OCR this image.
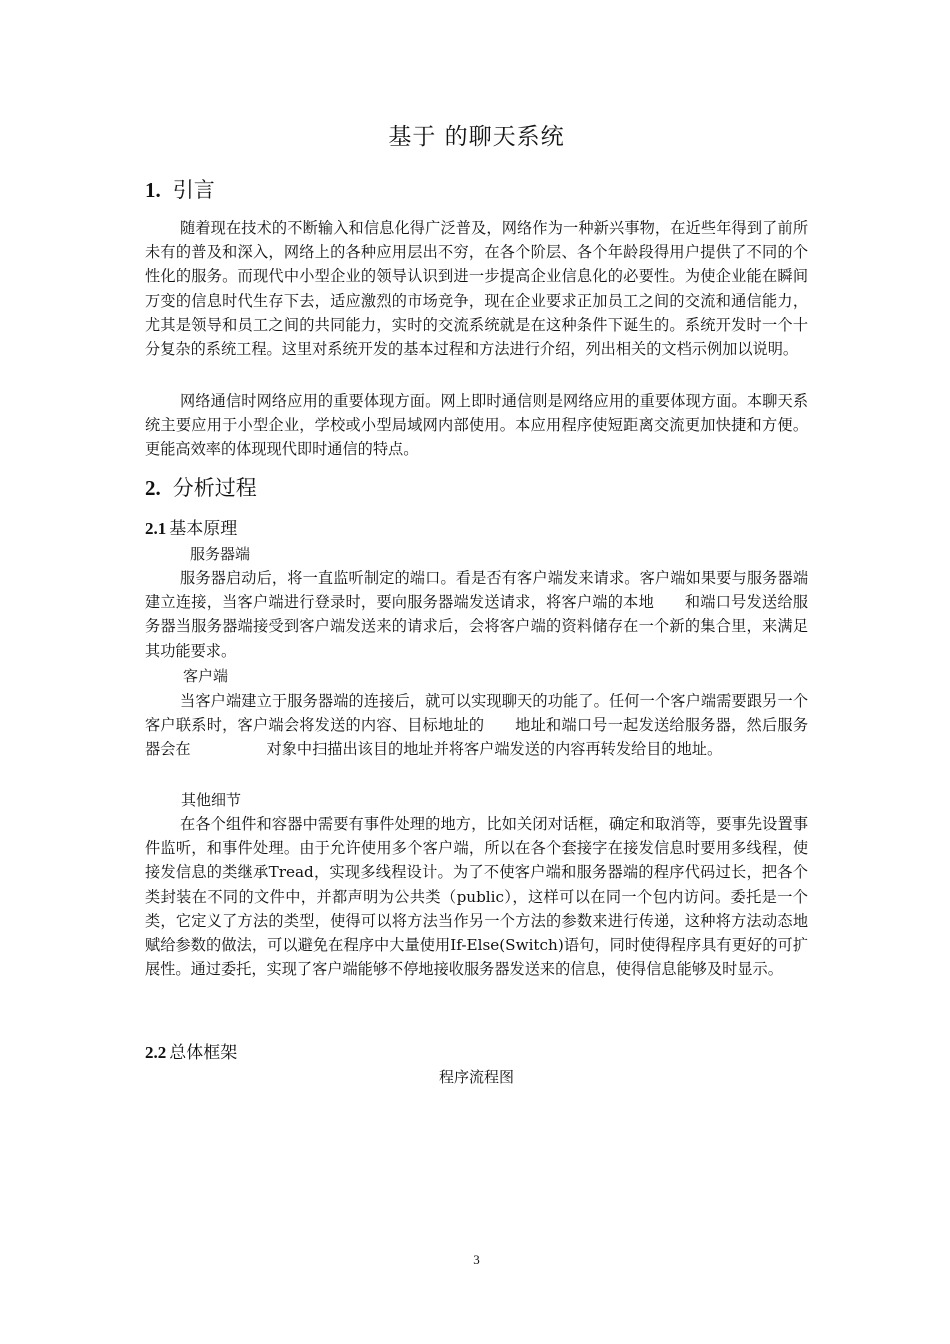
基于 的聊天系统
1. 引言

随着现在技术的不断输入和信息化得广泛普及，网络作为一种新兴事物，在近些年得到了前所未有的普及和深入，网络上的各种应用层出不穷，在各个阶层、各个年龄段得用户提供了不同的个性化的服务。而现代中小型企业的领导认识到进一步提高企业信息化的必要性。为使企业能在瞬间万变的信息时代生存下去，适应激烈的市场竞争，现在企业要求正加员工之间的交流和通信能力，尤其是领导和员工之间的共同能力，实时的交流系统就是在这种条件下诞生的。系统开发时一个十分复杂的系统工程。这里对系统开发的基本过程和方法进行介绍，列出相关的文档示例加以说明。

网络通信时网络应用的重要体现方面。网上即时通信则是网络应用的重要体现方面。本聊天系统主要应用于小型企业，学校或小型局域网内部使用。本应用程序使短距离交流更加快捷和方便。更能高效率的体现现代即时通信的特点。

2. 分析过程
2.1 基本原理
服务器端

服务器启动后，将一直监听制定的端口。看是否有客户端发来请求。客户端如果要与服务器端建立连接，当客户端进行登录时，要向服务器端发送请求，将客户端的本地　　和端口号发送给服务器当服务器端接受到客户端发送来的请求后，会将客户端的资料储存在一个新的集合里，来满足其功能要求。

客户端

当客户端建立于服务器端的连接后，就可以实现聊天的功能了。任何一个客户端需要跟另一个客户联系时，客户端会将发送的内容、目标地址的　　地址和端口号一起发送给服务器，然后服务器会在　　　　　对象中扫描出该目的地址并将客户端发送的内容再转发给目的地址。

其他细节

在各个组件和容器中需要有事件处理的地方，比如关闭对话框，确定和取消等，要事先设置事件监听，和事件处理。由于允许使用多个客户端，所以在各个套接字在接发信息时要用多线程，使接发信息的类继承Tread，实现多线程设计。为了不使客户端和服务器端的程序代码过长，把各个类封装在不同的文件中，并都声明为公共类（public），这样可以在同一个包内访问。委托是一个类，它定义了方法的类型，使得可以将方法当作另一个方法的参数来进行传递，这种将方法动态地赋给参数的做法，可以避免在程序中大量使用If-Else(Switch)语句，同时使得程序具有更好的可扩展性。通过委托，实现了客户端能够不停地接收服务器发送来的信息，使得信息能够及时显示。

2.2 总体框架
程序流程图
3
